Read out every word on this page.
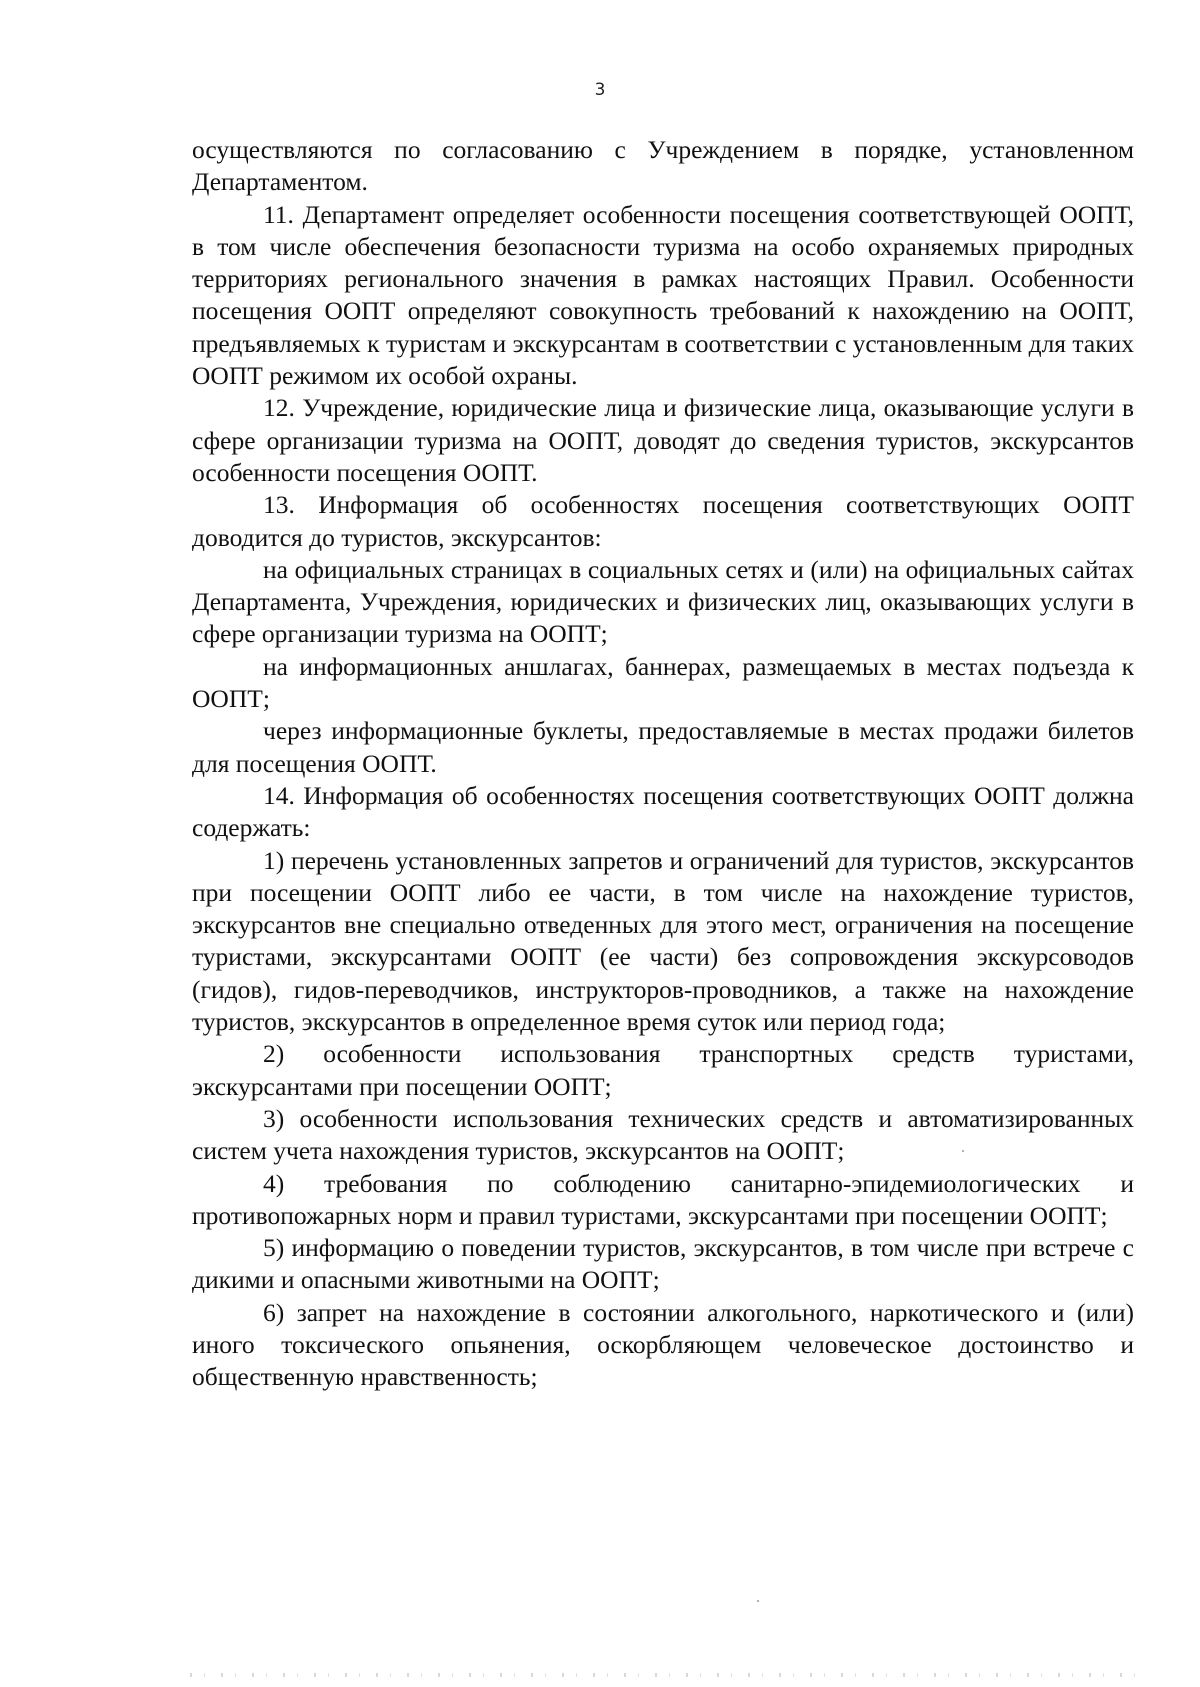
3

осуществляются по согласованию с Учреждением в порядке, установленном Департаментом.

11. Департамент определяет особенности посещения соответствующей ООПТ, в том числе обеспечения безопасности туризма на особо охраняемых природных территориях регионального значения в рамках настоящих Правил. Особенности посещения ООПТ определяют совокупность требований к нахождению на ООПТ, предъявляемых к туристам и экскурсантам в соответствии с установленным для таких ООПТ режимом их особой охраны.

12. Учреждение, юридические лица и физические лица, оказывающие услуги в сфере организации туризма на ООПТ, доводят до сведения туристов, экскурсантов особенности посещения ООПТ.

13. Информация об особенностях посещения соответствующих ООПТ доводится до туристов, экскурсантов:

на официальных страницах в социальных сетях и (или) на официальных сайтах Департамента, Учреждения, юридических и физических лиц, оказывающих услуги в сфере организации туризма на ООПТ;

на информационных аншлагах, баннерах, размещаемых в местах подъезда к ООПТ;

через информационные буклеты, предоставляемые в местах продажи билетов для посещения ООПТ.

14. Информация об особенностях посещения соответствующих ООПТ должна содержать:

1) перечень установленных запретов и ограничений для туристов, экскурсантов при посещении ООПТ либо ее части, в том числе на нахождение туристов, экскурсантов вне специально отведенных для этого мест, ограничения на посещение туристами, экскурсантами ООПТ (ее части) без сопровождения экскурсоводов (гидов), гидов-переводчиков, инструкторов-проводников, а также на нахождение туристов, экскурсантов в определенное время суток или период года;
2) особенности использования транспортных средств туристами, экскурсантами при посещении ООПТ;
3) особенности использования технических средств и автоматизированных систем учета нахождения туристов, экскурсантов на ООПТ;
4) требования по соблюдению санитарно-эпидемиологических и противопожарных норм и правил туристами, экскурсантами при посещении ООПТ;
5) информацию о поведении туристов, экскурсантов, в том числе при встрече с дикими и опасными животными на ООПТ;
6) запрет на нахождение в состоянии алкогольного, наркотического и (или) иного токсического опьянения, оскорбляющем человеческое достоинство и общественную нравственность;
